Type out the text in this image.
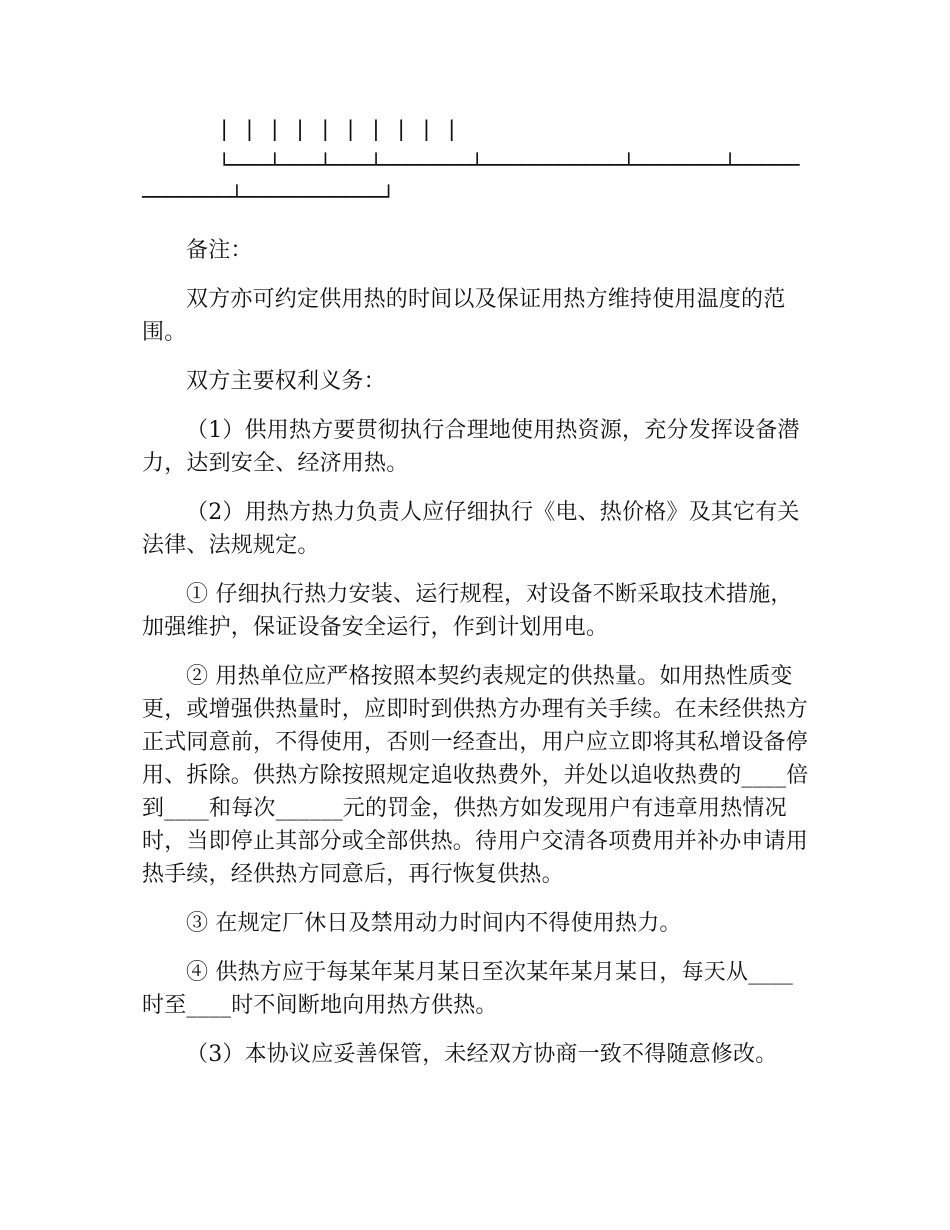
| | | | | | | | | |
└───┴───┴───┴───────┴───────────┴───────┴─────
───────┴───────────┘

备注：

双方亦可约定供用热的时间以及保证用热方维持使用温度的范围。

双方主要权利义务：

（1）供用热方要贯彻执行合理地使用热资源，充分发挥设备潜力，达到安全、经济用热。

（2）用热方热力负责人应仔细执行《电、热价格》及其它有关法律、法规规定。

① 仔细执行热力安装、运行规程，对设备不断采取技术措施，加强维护，保证设备安全运行，作到计划用电。

② 用热单位应严格按照本契约表规定的供热量。如用热性质变更，或增强供热量时，应即时到供热方办理有关手续。在未经供热方正式同意前，不得使用，否则一经查出，用户应立即将其私增设备停用、拆除。供热方除按照规定追收热费外，并处以追收热费的____倍到____和每次______元的罚金，供热方如发现用户有违章用热情况时，当即停止其部分或全部供热。待用户交清各项费用并补办申请用热手续，经供热方同意后，再行恢复供热。

③ 在规定厂休日及禁用动力时间内不得使用热力。

④ 供热方应于每某年某月某日至次某年某月某日，每天从____时至____时不间断地向用热方供热。

（3）本协议应妥善保管，未经双方协商一致不得随意修改。
